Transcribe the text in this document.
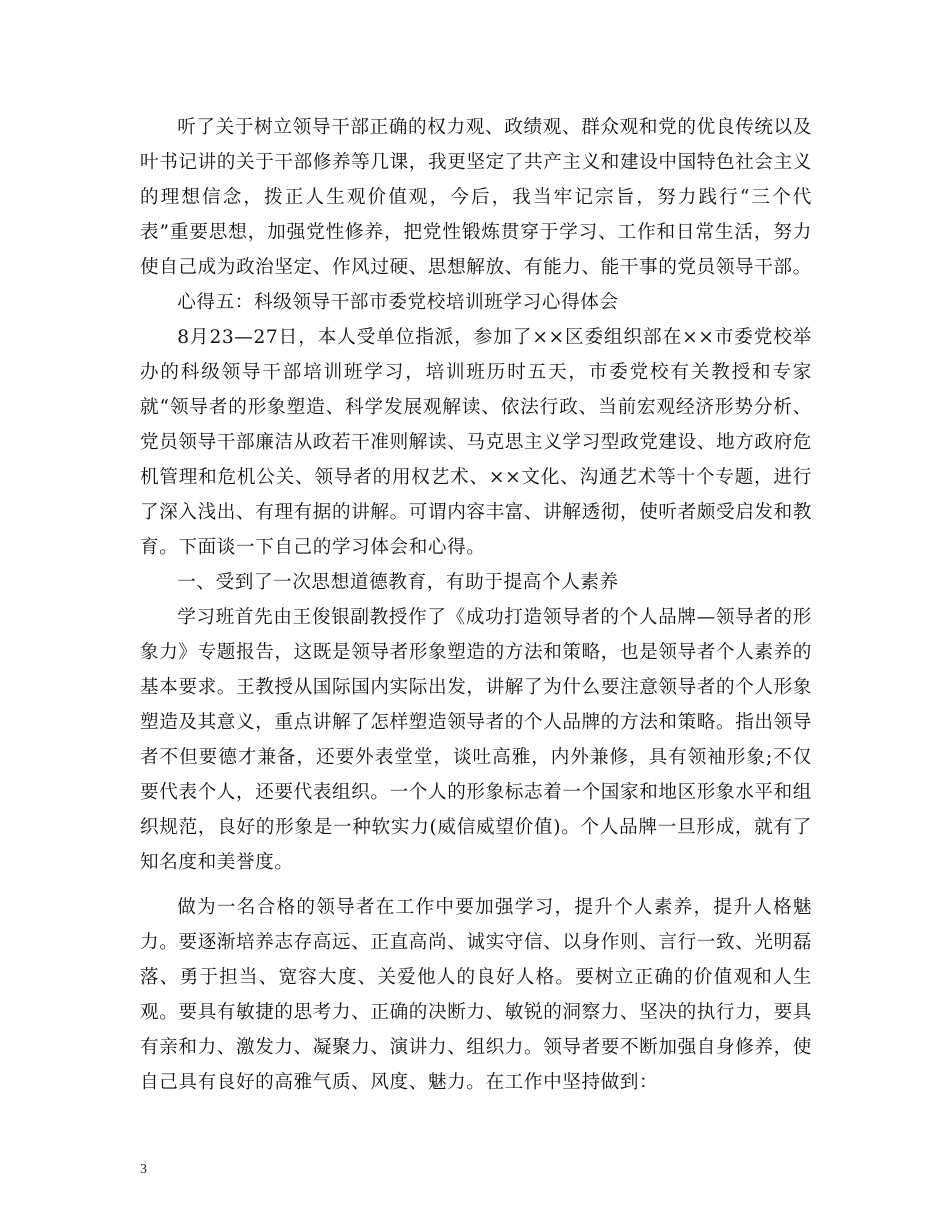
听了关于树立领导干部正确的权力观、政绩观、群众观和党的优良传统以及叶书记讲的关于干部修养等几课，我更坚定了共产主义和建设中国特色社会主义的理想信念，拨正人生观价值观，今后，我当牢记宗旨，努力践行“三个代表”重要思想，加强党性修养，把党性锻炼贯穿于学习、工作和日常生活，努力使自己成为政治坚定、作风过硬、思想解放、有能力、能干事的党员领导干部。

心得五：科级领导干部市委党校培训班学习心得体会

8月23—27日，本人受单位指派，参加了××区委组织部在××市委党校举办的科级领导干部培训班学习，培训班历时五天，市委党校有关教授和专家就“领导者的形象塑造、科学发展观解读、依法行政、当前宏观经济形势分析、党员领导干部廉洁从政若干准则解读、马克思主义学习型政党建设、地方政府危机管理和危机公关、领导者的用权艺术、××文化、沟通艺术等十个专题，进行了深入浅出、有理有据的讲解。可谓内容丰富、讲解透彻，使听者颇受启发和教育。下面谈一下自己的学习体会和心得。

一、受到了一次思想道德教育，有助于提高个人素养

学习班首先由王俊银副教授作了《成功打造领导者的个人品牌—领导者的形象力》专题报告，这既是领导者形象塑造的方法和策略，也是领导者个人素养的基本要求。王教授从国际国内实际出发，讲解了为什么要注意领导者的个人形象塑造及其意义，重点讲解了怎样塑造领导者的个人品牌的方法和策略。指出领导者不但要德才兼备，还要外表堂堂，谈吐高雅，内外兼修，具有领袖形象;不仅要代表个人，还要代表组织。一个人的形象标志着一个国家和地区形象水平和组织规范，良好的形象是一种软实力(威信威望价值)。个人品牌一旦形成，就有了知名度和美誉度。

做为一名合格的领导者在工作中要加强学习，提升个人素养，提升人格魅力。要逐渐培养志存高远、正直高尚、诚实守信、以身作则、言行一致、光明磊落、勇于担当、宽容大度、关爱他人的良好人格。要树立正确的价值观和人生观。要具有敏捷的思考力、正确的决断力、敏锐的洞察力、坚决的执行力，要具有亲和力、激发力、凝聚力、演讲力、组织力。领导者要不断加强自身修养，使自己具有良好的高雅气质、风度、魅力。在工作中坚持做到：

3
